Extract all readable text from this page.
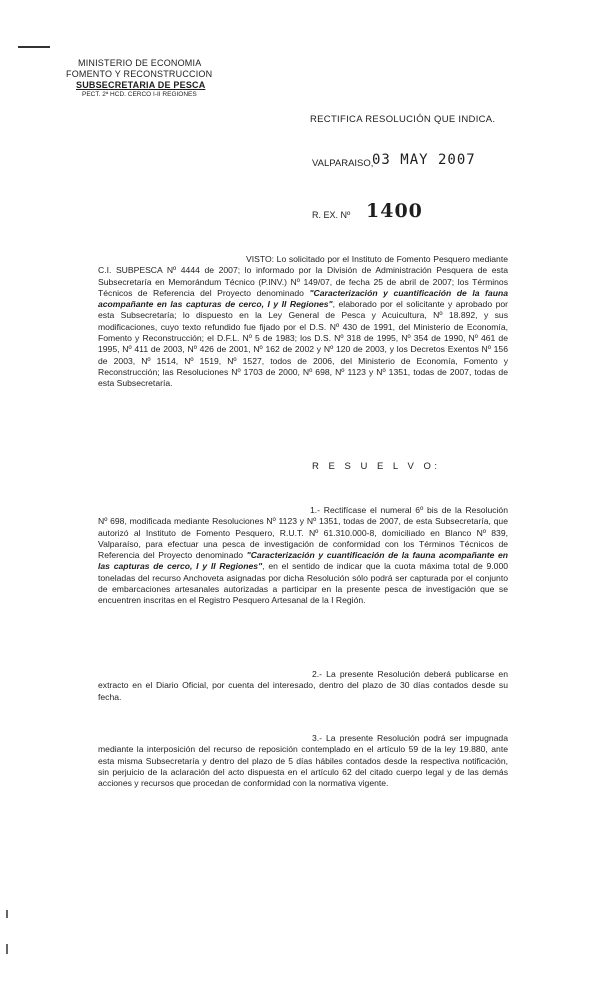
MINISTERIO DE ECONOMIA
FOMENTO Y RECONSTRUCCION
SUBSECRETARIA DE PESCA
PECT. 2ª HCD. CERCO I-II REGIONES
RECTIFICA RESOLUCIÓN QUE INDICA.
VALPARAISO,
03 MAY 2007
R. EX. Nº 1400
VISTO: Lo solicitado por el Instituto de Fomento Pesquero mediante C.I. SUBPESCA Nº 4444 de 2007; lo informado por la División de Administración Pesquera de esta Subsecretaría en Memorándum Técnico (P.INV.) Nº 149/07, de fecha 25 de abril de 2007; los Términos Técnicos de Referencia del Proyecto denominado "Caracterización y cuantificación de la fauna acompañante en las capturas de cerco, I y II Regiones", elaborado por el solicitante y aprobado por esta Subsecretaría; lo dispuesto en la Ley General de Pesca y Acuicultura, Nº 18.892, y sus modificaciones, cuyo texto refundido fue fijado por el D.S. Nº 430 de 1991, del Ministerio de Economía, Fomento y Reconstrucción; el D.F.L. Nº 5 de 1983; los D.S. Nº 318 de 1995, Nº 354 de 1990, Nº 461 de 1995, Nº 411 de 2003, Nº 426 de 2001, Nº 162 de 2002 y Nº 120 de 2003, y los Decretos Exentos Nº 156 de 2003, Nº 1514, Nº 1519, Nº 1527, todos de 2006, del Ministerio de Economía, Fomento y Reconstrucción; las Resoluciones Nº 1703 de 2000, Nº 698, Nº 1123 y Nº 1351, todas de 2007, todas de esta Subsecretaría.
R E S U E L V O:
1.- Rectifícase el numeral 6º bis de la Resolución Nº 698, modificada mediante Resoluciones Nº 1123 y Nº 1351, todas de 2007, de esta Subsecretaría, que autorizó al Instituto de Fomento Pesquero, R.U.T. Nº 61.310.000-8, domiciliado en Blanco Nº 839, Valparaíso, para efectuar una pesca de investigación de conformidad con los Términos Técnicos de Referencia del Proyecto denominado "Caracterización y cuantificación de la fauna acompañante en las capturas de cerco, I y II Regiones", en el sentido de indicar que la cuota máxima total de 9.000 toneladas del recurso Anchoveta asignadas por dicha Resolución sólo podrá ser capturada por el conjunto de embarcaciones artesanales autorizadas a participar en la presente pesca de investigación que se encuentren inscritas en el Registro Pesquero Artesanal de la I Región.
2.- La presente Resolución deberá publicarse en extracto en el Diario Oficial, por cuenta del interesado, dentro del plazo de 30 días contados desde su fecha.
3.- La presente Resolución podrá ser impugnada mediante la interposición del recurso de reposición contemplado en el artículo 59 de la ley 19.880, ante esta misma Subsecretaría y dentro del plazo de 5 días hábiles contados desde la respectiva notificación, sin perjuicio de la aclaración del acto dispuesta en el artículo 62 del citado cuerpo legal y de las demás acciones y recursos que procedan de conformidad con la normativa vigente.
